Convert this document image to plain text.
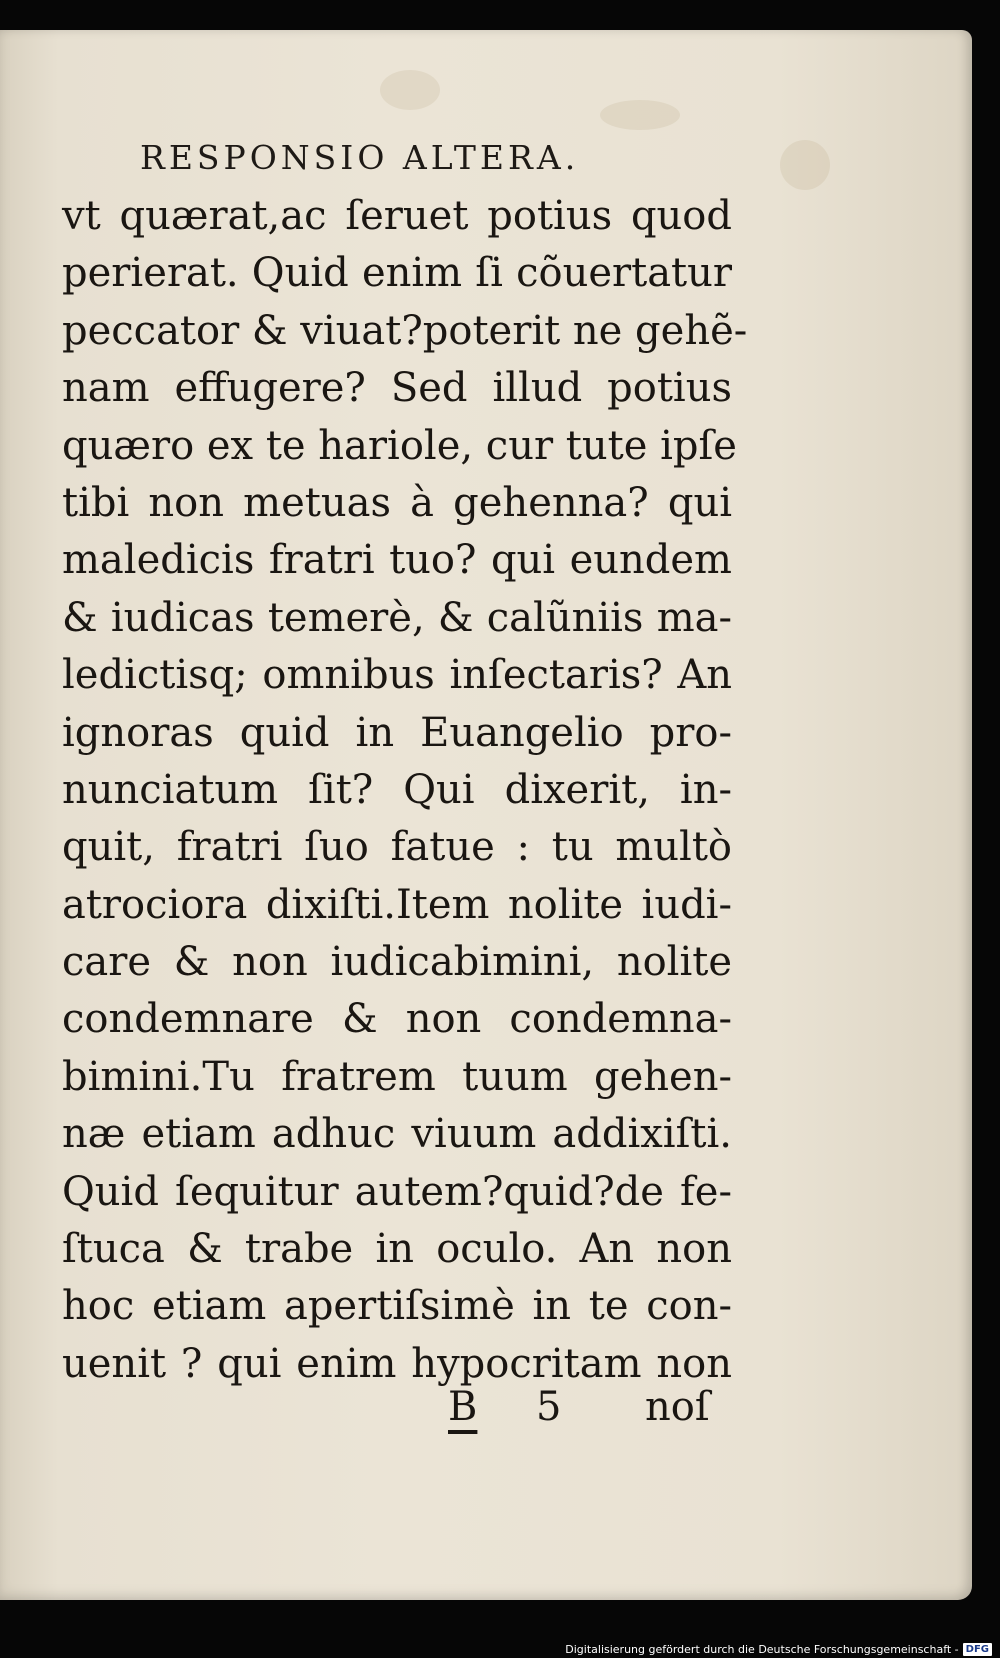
RESPONSIO ALTERA.
vt quærat,ac ſeruet potius quod
perierat. Quid enim ſi cõuertatur
peccator & viuat?poterit ne gehẽ-
nam effugere? Sed illud potius
quæro ex te hariole, cur tute ipſe
tibi non metuas à gehenna? qui
maledicis fratri tuo? qui eundem
& iudicas temerè, & calũniis ma-
ledictisq; omnibus inſectaris? An
ignoras quid in Euangelio pro-
nunciatum ſit? Qui dixerit, in-
quit, fratri ſuo fatue : tu multò
atrociora dixiſti.Item nolite iudi-
care & non iudicabimini, nolite
condemnare & non condemna-
bimini.Tu fratrem tuum gehen-
næ etiam adhuc viuum addixiſti.
Quid ſequitur autem?quid?de fe-
ſtuca & trabe in oculo. An non
hoc etiam apertiſsimè in te con-
uenit ? qui enim hypocritam non
B 5 noſ
Digitalisierung gefördert durch die Deutsche Forschungsgemeinschaft - DFG
